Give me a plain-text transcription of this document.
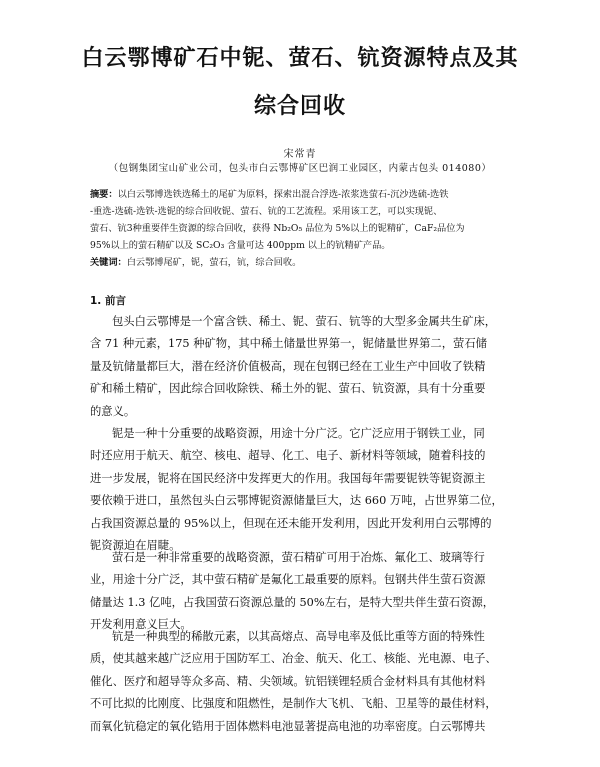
白云鄂博矿石中铌、萤石、钪资源特点及其
综合回收
宋常青
（包钢集团宝山矿业公司，包头市白云鄂博矿区巴润工业园区，内蒙古包头 014080）
摘要：以白云鄂博选铁选稀土的尾矿为原料，探索出混合浮选-浓浆选萤石-沉沙选硫-选铁
-重选-选硫-选铁-选铌的综合回收铌、萤石、钪的工艺流程。采用该工艺，可以实现铌、
萤石、钪3种重要伴生资源的综合回收，获得 Nb₂O₅ 品位为 5%以上的铌精矿，CaF₂品位为
95%以上的萤石精矿以及 SC₂O₃ 含量可达 400ppm 以上的钪精矿产品。
关键词：白云鄂博尾矿，铌，萤石，钪，综合回收。
1. 前言
包头白云鄂博是一个富含铁、稀土、铌、萤石、钪等的大型多金属共生矿床，
含 71 种元素，175 种矿物，其中稀土储量世界第一，铌储量世界第二，萤石储
量及钪储量都巨大，潜在经济价值极高，现在包钢已经在工业生产中回收了铁精
矿和稀土精矿，因此综合回收除铁、稀土外的铌、萤石、钪资源，具有十分重要
的意义。
铌是一种十分重要的战略资源，用途十分广泛。它广泛应用于钢铁工业，同
时还应用于航天、航空、核电、超导、化工、电子、新材料等领域，随着科技的
进一步发展，铌将在国民经济中发挥更大的作用。我国每年需要铌铁等铌资源主
要依赖于进口，虽然包头白云鄂博铌资源储量巨大，达 660 万吨，占世界第二位，
占我国资源总量的 95%以上，但现在还未能开发利用，因此开发利用白云鄂博的
铌资源迫在眉睫。
萤石是一种非常重要的战略资源，萤石精矿可用于冶炼、氟化工、玻璃等行
业，用途十分广泛，其中萤石精矿是氟化工最重要的原料。包钢共伴生萤石资源
储量达 1.3 亿吨，占我国萤石资源总量的 50%左右，是特大型共伴生萤石资源，
开发利用意义巨大。
钪是一种典型的稀散元素，以其高熔点、高导电率及低比重等方面的特殊性
质，使其越来越广泛应用于国防军工、冶金、航天、化工、核能、光电源、电子、
催化、医疗和超导等众多高、精、尖领域。钪铝镁锂轻质合金材料具有其他材料
不可比拟的比刚度、比强度和阻燃性，是制作大飞机、飞船、卫星等的最佳材料，
而氧化钪稳定的氧化锆用于固体燃料电池显著提高电池的功率密度。白云鄂博共
